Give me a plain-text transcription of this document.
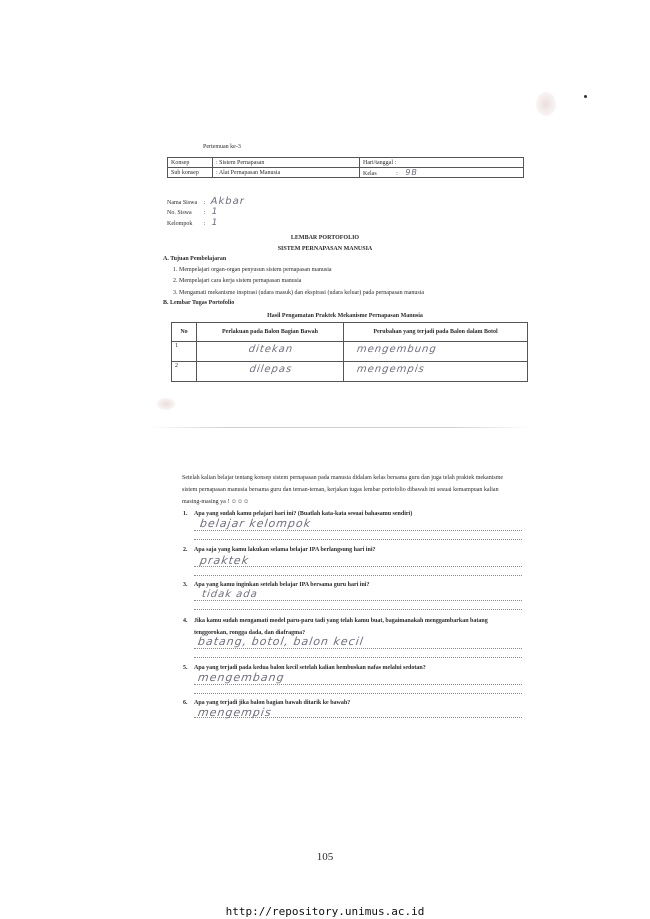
Pertemuan ke-3
Konsep	: Sistem Pernapasan	Hari/tanggal :
Sub konsep	: Alat Pernapasan Manusia	Kelas : 9B
Nama Siswa : Akbar
No. Siswa : 1
Kelompok : 1
LEMBAR PORTOFOLIO
SISTEM PERNAPASAN MANUSIA
A. Tujuan Pembelajaran
1. Mempelajari organ-organ penyusun sistem pernapasan manusia
2. Mempelajari cara kerja sistem pernapasan manusia
3. Mengamati mekanisme inspirasi (udara masuk) dan ekspirasi (udara keluar) pada pernapasan manusia
B. Lembar Tugas Portofolio
Hasil Pengamatan Praktek Mekanisme Pernapasan Manusia
No	Perlakuan pada Balon Bagian Bawah	Perubahan yang terjadi pada Balon dalam Botol
1	ditekan	mengembung
2	dilepas	mengempis
Setelah kalian belajar tentang konsep sistem pernapasan pada manusia didalam kelas bersama guru dan juga telah praktek mekanisme
sistem pernapasan manusia bersama guru dan teman-teman, kerjakan tugas lembar portofolio dibawah ini sesuai kemampuan kalian
masing-masing ya ! ☺☺☺
1. Apa yang sudah kamu pelajari hari ini? (Buatlah kata-kata sesuai bahasamu sendiri)
belajar kelompok
2. Apa saja yang kamu lakukan selama belajar IPA berlangsung hari ini?
praktek
3. Apa yang kamu inginkan setelah belajar IPA bersama guru hari ini?
tidak ada
4. Jika kamu sudah mengamati model paru-paru tadi yang telah kamu buat, bagaimanakah menggambarkan batang
tenggorokan, rongga dada, dan diafragma?
batang, botol, balon kecil
5. Apa yang terjadi pada kedua balon kecil setelah kalian hembuskan nafas melalui sedotan?
mengembang
6. Apa yang terjadi jika balon bagian bawah ditarik ke bawah?
mengempis
105
http://repository.unimus.ac.id
